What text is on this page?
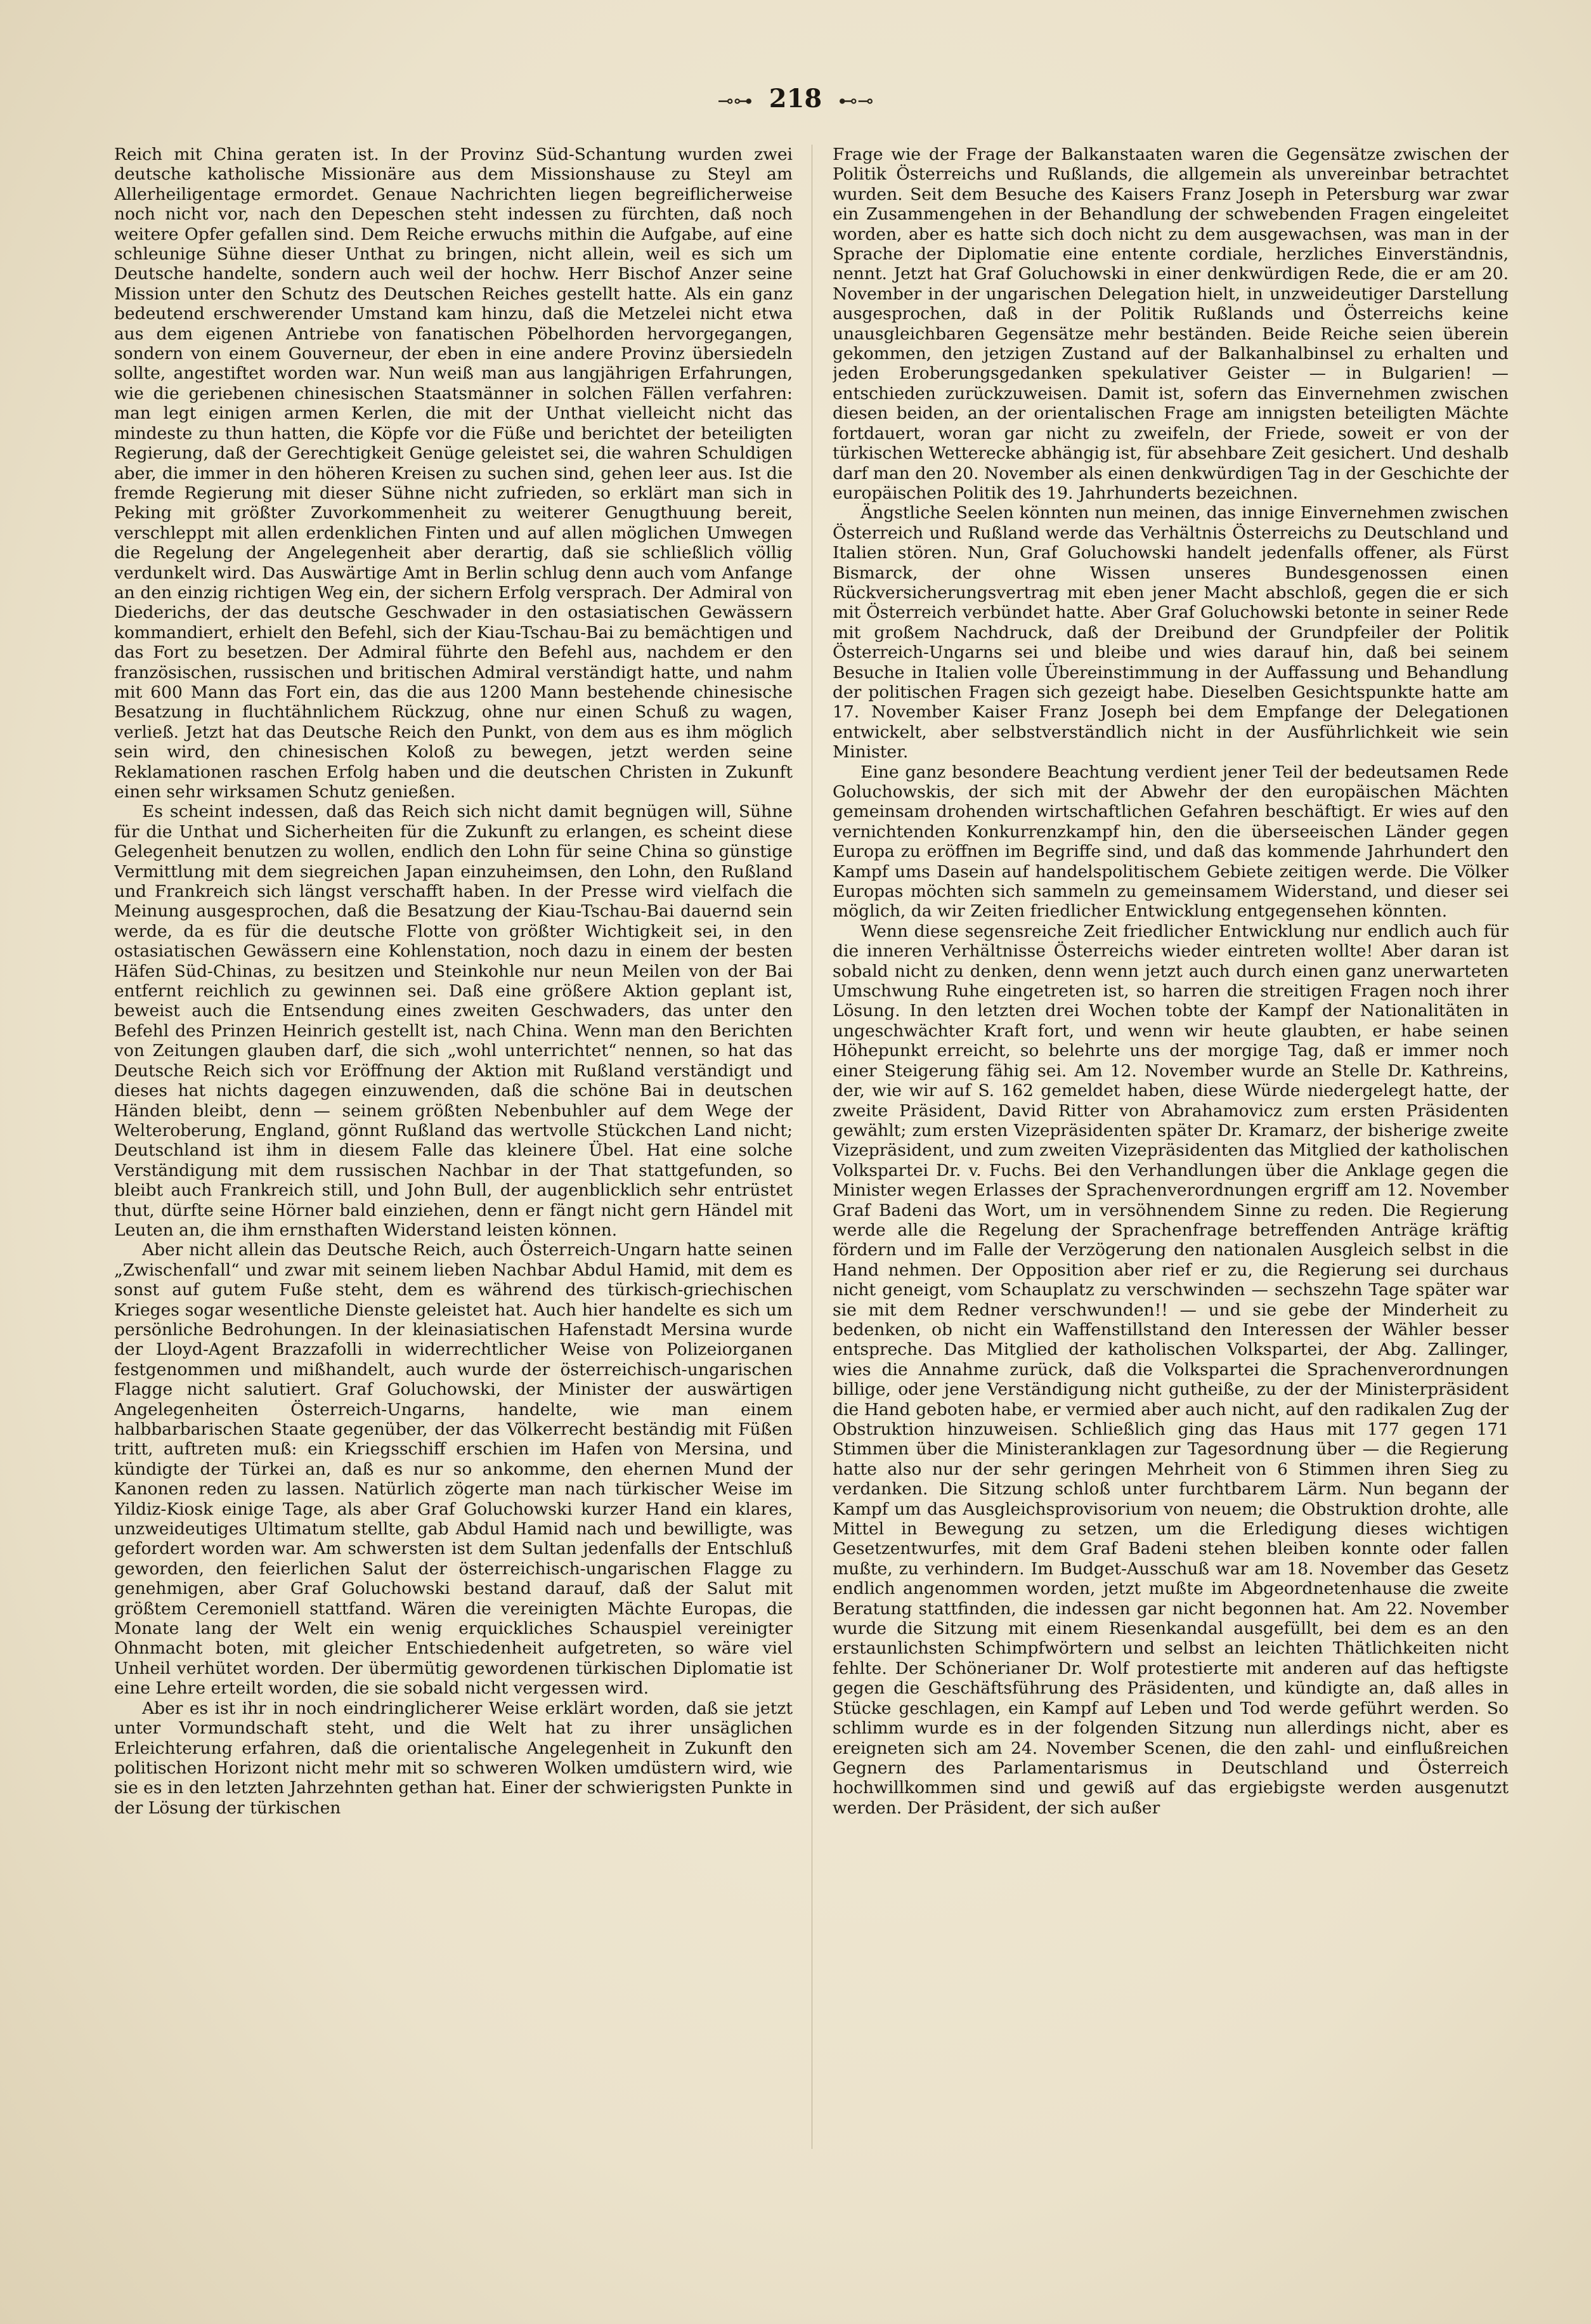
⊸⊶ 218 ⊷⊸

Reich mit China geraten ist. In der Provinz Süd-Schantung wurden zwei deutsche katholische Missionäre aus dem Missionshause zu Steyl am Allerheiligentage ermordet. Genaue Nachrichten liegen begreiflicherweise noch nicht vor, nach den Depeschen steht indessen zu fürchten, daß noch weitere Opfer gefallen sind. Dem Reiche erwuchs mithin die Aufgabe, auf eine schleunige Sühne dieser Unthat zu bringen, nicht allein, weil es sich um Deutsche handelte, sondern auch weil der hochw. Herr Bischof Anzer seine Mission unter den Schutz des Deutschen Reiches gestellt hatte. Als ein ganz bedeutend erschwerender Umstand kam hinzu, daß die Metzelei nicht etwa aus dem eigenen Antriebe von fanatischen Pöbelhorden hervorgegangen, sondern von einem Gouverneur, der eben in eine andere Provinz übersiedeln sollte, angestiftet worden war. Nun weiß man aus langjährigen Erfahrungen, wie die geriebenen chinesischen Staatsmänner in solchen Fällen verfahren: man legt einigen armen Kerlen, die mit der Unthat vielleicht nicht das mindeste zu thun hatten, die Köpfe vor die Füße und berichtet der beteiligten Regierung, daß der Gerechtigkeit Genüge geleistet sei, die wahren Schuldigen aber, die immer in den höheren Kreisen zu suchen sind, gehen leer aus. Ist die fremde Regierung mit dieser Sühne nicht zufrieden, so erklärt man sich in Peking mit größter Zuvorkommenheit zu weiterer Genugthuung bereit, verschleppt mit allen erdenklichen Finten und auf allen möglichen Umwegen die Regelung der Angelegenheit aber derartig, daß sie schließlich völlig verdunkelt wird. Das Auswärtige Amt in Berlin schlug denn auch vom Anfange an den einzig richtigen Weg ein, der sichern Erfolg versprach. Der Admiral von Diederichs, der das deutsche Geschwader in den ostasiatischen Gewässern kommandiert, erhielt den Befehl, sich der Kiau-Tschau-Bai zu bemächtigen und das Fort zu besetzen. Der Admiral führte den Befehl aus, nachdem er den französischen, russischen und britischen Admiral verständigt hatte, und nahm mit 600 Mann das Fort ein, das die aus 1200 Mann bestehende chinesische Besatzung in fluchtähnlichem Rückzug, ohne nur einen Schuß zu wagen, verließ. Jetzt hat das Deutsche Reich den Punkt, von dem aus es ihm möglich sein wird, den chinesischen Koloß zu bewegen, jetzt werden seine Reklamationen raschen Erfolg haben und die deutschen Christen in Zukunft einen sehr wirksamen Schutz genießen.

Es scheint indessen, daß das Reich sich nicht damit begnügen will, Sühne für die Unthat und Sicherheiten für die Zukunft zu erlangen, es scheint diese Gelegenheit benutzen zu wollen, endlich den Lohn für seine China so günstige Vermittlung mit dem siegreichen Japan einzuheimsen, den Lohn, den Rußland und Frankreich sich längst verschafft haben. In der Presse wird vielfach die Meinung ausgesprochen, daß die Besatzung der Kiau-Tschau-Bai dauernd sein werde, da es für die deutsche Flotte von größter Wichtigkeit sei, in den ostasiatischen Gewässern eine Kohlenstation, noch dazu in einem der besten Häfen Süd-Chinas, zu besitzen und Steinkohle nur neun Meilen von der Bai entfernt reichlich zu gewinnen sei. Daß eine größere Aktion geplant ist, beweist auch die Entsendung eines zweiten Geschwaders, das unter den Befehl des Prinzen Heinrich gestellt ist, nach China. Wenn man den Berichten von Zeitungen glauben darf, die sich „wohl unterrichtet“ nennen, so hat das Deutsche Reich sich vor Eröffnung der Aktion mit Rußland verständigt und dieses hat nichts dagegen einzuwenden, daß die schöne Bai in deutschen Händen bleibt, denn — seinem größten Nebenbuhler auf dem Wege der Welteroberung, England, gönnt Rußland das wertvolle Stückchen Land nicht; Deutschland ist ihm in diesem Falle das kleinere Übel. Hat eine solche Verständigung mit dem russischen Nachbar in der That stattgefunden, so bleibt auch Frankreich still, und John Bull, der augenblicklich sehr entrüstet thut, dürfte seine Hörner bald einziehen, denn er fängt nicht gern Händel mit Leuten an, die ihm ernsthaften Widerstand leisten können.

Aber nicht allein das Deutsche Reich, auch Österreich-Ungarn hatte seinen „Zwischenfall“ und zwar mit seinem lieben Nachbar Abdul Hamid, mit dem es sonst auf gutem Fuße steht, dem es während des türkisch-griechischen Krieges sogar wesentliche Dienste geleistet hat. Auch hier handelte es sich um persönliche Bedrohungen. In der kleinasiatischen Hafenstadt Mersina wurde der Lloyd-Agent Brazzafolli in widerrechtlicher Weise von Polizeiorganen festgenommen und mißhandelt, auch wurde der österreichisch-ungarischen Flagge nicht salutiert. Graf Goluchowski, der Minister der auswärtigen Angelegenheiten Österreich-Ungarns, handelte, wie man einem halbbarbarischen Staate gegenüber, der das Völkerrecht beständig mit Füßen tritt, auftreten muß: ein Kriegsschiff erschien im Hafen von Mersina, und kündigte der Türkei an, daß es nur so ankomme, den ehernen Mund der Kanonen reden zu lassen. Natürlich zögerte man nach türkischer Weise im Yildiz-Kiosk einige Tage, als aber Graf Goluchowski kurzer Hand ein klares, unzweideutiges Ultimatum stellte, gab Abdul Hamid nach und bewilligte, was gefordert worden war. Am schwersten ist dem Sultan jedenfalls der Entschluß geworden, den feierlichen Salut der österreichisch-ungarischen Flagge zu genehmigen, aber Graf Goluchowski bestand darauf, daß der Salut mit größtem Ceremoniell stattfand. Wären die vereinigten Mächte Europas, die Monate lang der Welt ein wenig erquickliches Schauspiel vereinigter Ohnmacht boten, mit gleicher Entschiedenheit aufgetreten, so wäre viel Unheil verhütet worden. Der übermütig gewordenen türkischen Diplomatie ist eine Lehre erteilt worden, die sie sobald nicht vergessen wird.

Aber es ist ihr in noch eindringlicherer Weise erklärt worden, daß sie jetzt unter Vormundschaft steht, und die Welt hat zu ihrer unsäglichen Erleichterung erfahren, daß die orientalische Angelegenheit in Zukunft den politischen Horizont nicht mehr mit so schweren Wolken umdüstern wird, wie sie es in den letzten Jahrzehnten gethan hat. Einer der schwierigsten Punkte in der Lösung der türkischen

Frage wie der Frage der Balkanstaaten waren die Gegensätze zwischen der Politik Österreichs und Rußlands, die allgemein als unvereinbar betrachtet wurden. Seit dem Besuche des Kaisers Franz Joseph in Petersburg war zwar ein Zusammengehen in der Behandlung der schwebenden Fragen eingeleitet worden, aber es hatte sich doch nicht zu dem ausgewachsen, was man in der Sprache der Diplomatie eine entente cordiale, herzliches Einverständnis, nennt. Jetzt hat Graf Goluchowski in einer denkwürdigen Rede, die er am 20. November in der ungarischen Delegation hielt, in unzweideutiger Darstellung ausgesprochen, daß in der Politik Rußlands und Österreichs keine unausgleichbaren Gegensätze mehr beständen. Beide Reiche seien überein gekommen, den jetzigen Zustand auf der Balkanhalbinsel zu erhalten und jeden Eroberungsgedanken spekulativer Geister — in Bulgarien! — entschieden zurückzuweisen. Damit ist, sofern das Einvernehmen zwischen diesen beiden, an der orientalischen Frage am innigsten beteiligten Mächte fortdauert, woran gar nicht zu zweifeln, der Friede, soweit er von der türkischen Wetterecke abhängig ist, für absehbare Zeit gesichert. Und deshalb darf man den 20. November als einen denkwürdigen Tag in der Geschichte der europäischen Politik des 19. Jahrhunderts bezeichnen.

Ängstliche Seelen könnten nun meinen, das innige Einvernehmen zwischen Österreich und Rußland werde das Verhältnis Österreichs zu Deutschland und Italien stören. Nun, Graf Goluchowski handelt jedenfalls offener, als Fürst Bismarck, der ohne Wissen unseres Bundesgenossen einen Rückversicherungsvertrag mit eben jener Macht abschloß, gegen die er sich mit Österreich verbündet hatte. Aber Graf Goluchowski betonte in seiner Rede mit großem Nachdruck, daß der Dreibund der Grundpfeiler der Politik Österreich-Ungarns sei und bleibe und wies darauf hin, daß bei seinem Besuche in Italien volle Übereinstimmung in der Auffassung und Behandlung der politischen Fragen sich gezeigt habe. Dieselben Gesichtspunkte hatte am 17. November Kaiser Franz Joseph bei dem Empfange der Delegationen entwickelt, aber selbstverständlich nicht in der Ausführlichkeit wie sein Minister.

Eine ganz besondere Beachtung verdient jener Teil der bedeutsamen Rede Goluchowskis, der sich mit der Abwehr der den europäischen Mächten gemeinsam drohenden wirtschaftlichen Gefahren beschäftigt. Er wies auf den vernichtenden Konkurrenzkampf hin, den die überseeischen Länder gegen Europa zu eröffnen im Begriffe sind, und daß das kommende Jahrhundert den Kampf ums Dasein auf handelspolitischem Gebiete zeitigen werde. Die Völker Europas möchten sich sammeln zu gemeinsamem Widerstand, und dieser sei möglich, da wir Zeiten friedlicher Entwicklung entgegensehen könnten.

Wenn diese segensreiche Zeit friedlicher Entwicklung nur endlich auch für die inneren Verhältnisse Österreichs wieder eintreten wollte! Aber daran ist sobald nicht zu denken, denn wenn jetzt auch durch einen ganz unerwarteten Umschwung Ruhe eingetreten ist, so harren die streitigen Fragen noch ihrer Lösung. In den letzten drei Wochen tobte der Kampf der Nationalitäten in ungeschwächter Kraft fort, und wenn wir heute glaubten, er habe seinen Höhepunkt erreicht, so belehrte uns der morgige Tag, daß er immer noch einer Steigerung fähig sei. Am 12. November wurde an Stelle Dr. Kathreins, der, wie wir auf S. 162 gemeldet haben, diese Würde niedergelegt hatte, der zweite Präsident, David Ritter von Abrahamovicz zum ersten Präsidenten gewählt; zum ersten Vizepräsidenten später Dr. Kramarz, der bisherige zweite Vizepräsident, und zum zweiten Vizepräsidenten das Mitglied der katholischen Volkspartei Dr. v. Fuchs. Bei den Verhandlungen über die Anklage gegen die Minister wegen Erlasses der Sprachenverordnungen ergriff am 12. November Graf Badeni das Wort, um in versöhnendem Sinne zu reden. Die Regierung werde alle die Regelung der Sprachenfrage betreffenden Anträge kräftig fördern und im Falle der Verzögerung den nationalen Ausgleich selbst in die Hand nehmen. Der Opposition aber rief er zu, die Regierung sei durchaus nicht geneigt, vom Schauplatz zu verschwinden — sechszehn Tage später war sie mit dem Redner verschwunden!! — und sie gebe der Minderheit zu bedenken, ob nicht ein Waffenstillstand den Interessen der Wähler besser entspreche. Das Mitglied der katholischen Volkspartei, der Abg. Zallinger, wies die Annahme zurück, daß die Volkspartei die Sprachenverordnungen billige, oder jene Verständigung nicht gutheiße, zu der der Ministerpräsident die Hand geboten habe, er vermied aber auch nicht, auf den radikalen Zug der Obstruktion hinzuweisen. Schließlich ging das Haus mit 177 gegen 171 Stimmen über die Ministeranklagen zur Tagesordnung über — die Regierung hatte also nur der sehr geringen Mehrheit von 6 Stimmen ihren Sieg zu verdanken. Die Sitzung schloß unter furchtbarem Lärm. Nun begann der Kampf um das Ausgleichsprovisorium von neuem; die Obstruktion drohte, alle Mittel in Bewegung zu setzen, um die Erledigung dieses wichtigen Gesetzentwurfes, mit dem Graf Badeni stehen bleiben konnte oder fallen mußte, zu verhindern. Im Budget-Ausschuß war am 18. November das Gesetz endlich angenommen worden, jetzt mußte im Abgeordnetenhause die zweite Beratung stattfinden, die indessen gar nicht begonnen hat. Am 22. November wurde die Sitzung mit einem Riesenkandal ausgefüllt, bei dem es an den erstaunlichsten Schimpfwörtern und selbst an leichten Thätlichkeiten nicht fehlte. Der Schönerianer Dr. Wolf protestierte mit anderen auf das heftigste gegen die Geschäftsführung des Präsidenten, und kündigte an, daß alles in Stücke geschlagen, ein Kampf auf Leben und Tod werde geführt werden. So schlimm wurde es in der folgenden Sitzung nun allerdings nicht, aber es ereigneten sich am 24. November Scenen, die den zahl- und einflußreichen Gegnern des Parlamentarismus in Deutschland und Österreich hochwillkommen sind und gewiß auf das ergiebigste werden ausgenutzt werden. Der Präsident, der sich außer
